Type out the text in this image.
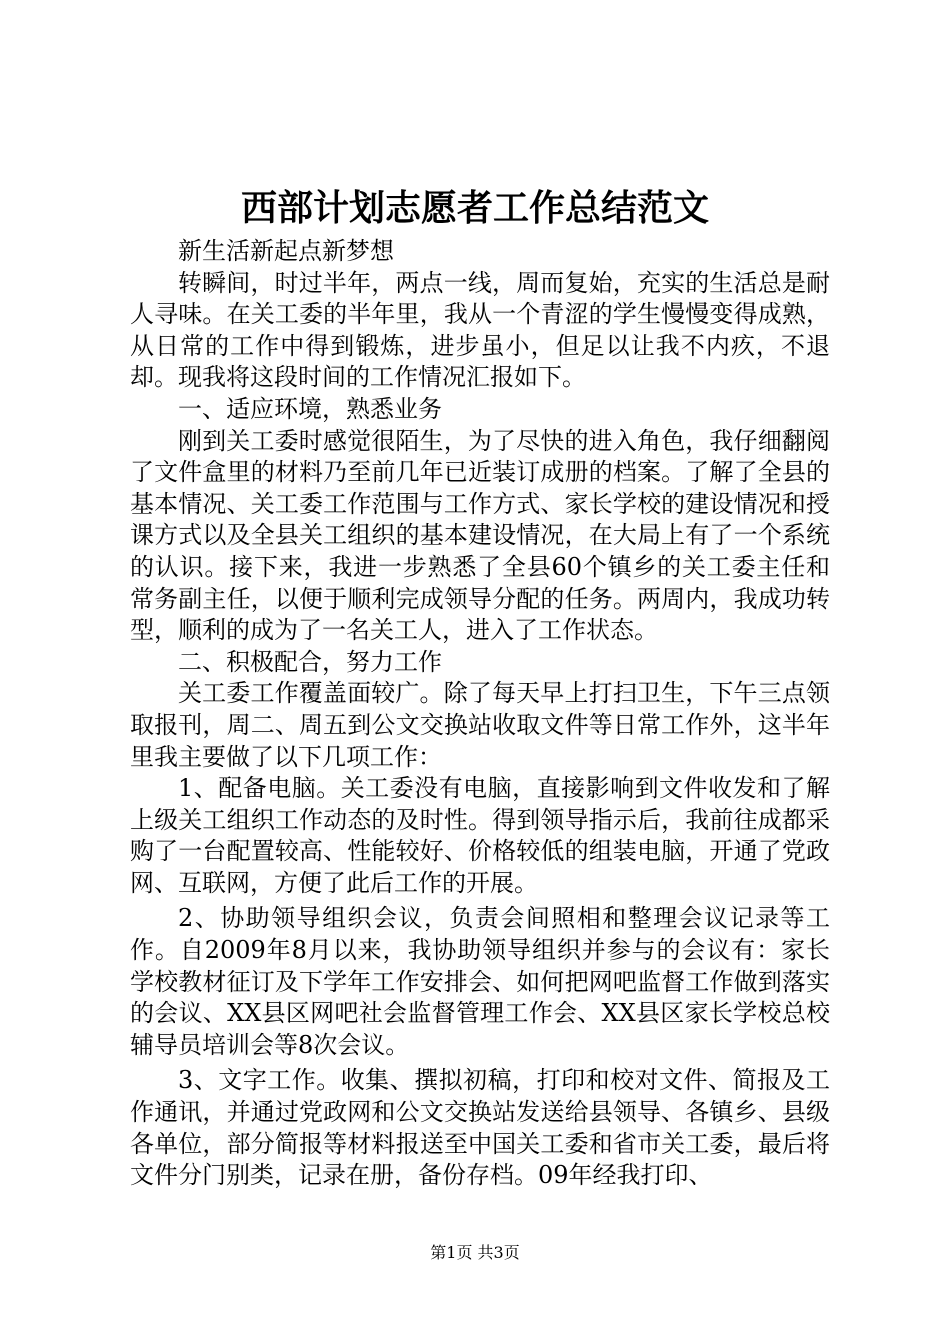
西部计划志愿者工作总结范文

新生活新起点新梦想

转瞬间，时过半年，两点一线，周而复始，充实的生活总是耐人寻味。在关工委的半年里，我从一个青涩的学生慢慢变得成熟，从日常的工作中得到锻炼，进步虽小，但足以让我不内疚，不退却。现我将这段时间的工作情况汇报如下。

一、适应环境，熟悉业务

刚到关工委时感觉很陌生，为了尽快的进入角色，我仔细翻阅了文件盒里的材料乃至前几年已近装订成册的档案。了解了全县的基本情况、关工委工作范围与工作方式、家长学校的建设情况和授课方式以及全县关工组织的基本建设情况，在大局上有了一个系统的认识。接下来，我进一步熟悉了全县60个镇乡的关工委主任和常务副主任，以便于顺利完成领导分配的任务。两周内，我成功转型，顺利的成为了一名关工人，进入了工作状态。

二、积极配合，努力工作

关工委工作覆盖面较广。除了每天早上打扫卫生，下午三点领取报刊，周二、周五到公文交换站收取文件等日常工作外，这半年里我主要做了以下几项工作：

1、配备电脑。关工委没有电脑，直接影响到文件收发和了解上级关工组织工作动态的及时性。得到领导指示后，我前往成都采购了一台配置较高、性能较好、价格较低的组装电脑，开通了党政网、互联网，方便了此后工作的开展。

2、协助领导组织会议，负责会间照相和整理会议记录等工作。自2009年8月以来，我协助领导组织并参与的会议有：家长学校教材征订及下学年工作安排会、如何把网吧监督工作做到落实的会议、XX县区网吧社会监督管理工作会、XX县区家长学校总校辅导员培训会等8次会议。

3、文字工作。收集、撰拟初稿，打印和校对文件、简报及工作通讯，并通过党政网和公文交换站发送给县领导、各镇乡、县级各单位，部分简报等材料报送至中国关工委和省市关工委，最后将文件分门别类，记录在册，备份存档。09年经我打印、

第1页 共3页
